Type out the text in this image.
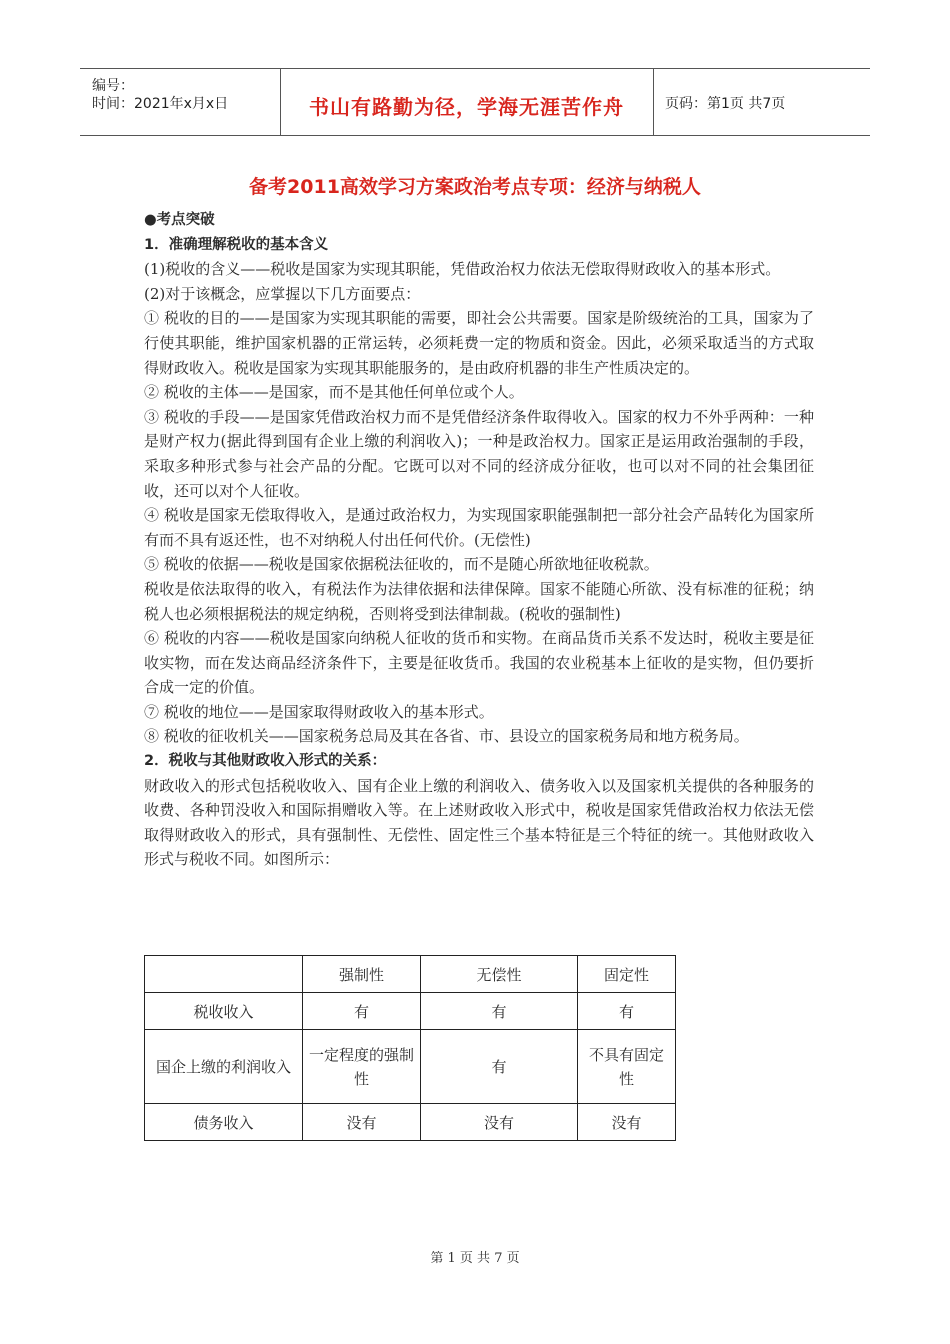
编号：
时间：2021年x月x日	书山有路勤为径，学海无涯苦作舟	页码：第1页 共7页
备考2011高效学习方案政治考点专项：经济与纳税人

●考点突破

1．准确理解税收的基本含义

(1)税收的含义——税收是国家为实现其职能，凭借政治权力依法无偿取得财政收入的基本形式。

(2)对于该概念，应掌握以下几方面要点：

① 税收的目的——是国家为实现其职能的需要，即社会公共需要。国家是阶级统治的工具，国家为了行使其职能，维护国家机器的正常运转，必须耗费一定的物质和资金。因此，必须采取适当的方式取得财政收入。税收是国家为实现其职能服务的，是由政府机器的非生产性质决定的。

② 税收的主体——是国家，而不是其他任何单位或个人。

③ 税收的手段——是国家凭借政治权力而不是凭借经济条件取得收入。国家的权力不外乎两种：一种是财产权力(据此得到国有企业上缴的利润收入)；一种是政治权力。国家正是运用政治强制的手段，采取多种形式参与社会产品的分配。它既可以对不同的经济成分征收，也可以对不同的社会集团征收，还可以对个人征收。

④ 税收是国家无偿取得收入，是通过政治权力，为实现国家职能强制把一部分社会产品转化为国家所有而不具有返还性，也不对纳税人付出任何代价。(无偿性)

⑤ 税收的依据——税收是国家依据税法征收的，而不是随心所欲地征收税款。

税收是依法取得的收入，有税法作为法律依据和法律保障。国家不能随心所欲、没有标准的征税；纳税人也必须根据税法的规定纳税，否则将受到法律制裁。(税收的强制性)

⑥ 税收的内容——税收是国家向纳税人征收的货币和实物。在商品货币关系不发达时，税收主要是征收实物，而在发达商品经济条件下，主要是征收货币。我国的农业税基本上征收的是实物，但仍要折合成一定的价值。

⑦ 税收的地位——是国家取得财政收入的基本形式。

⑧ 税收的征收机关——国家税务总局及其在各省、市、县设立的国家税务局和地方税务局。

2．税收与其他财政收入形式的关系：

财政收入的形式包括税收收入、国有企业上缴的利润收入、债务收入以及国家机关提供的各种服务的收费、各种罚没收入和国际捐赠收入等。在上述财政收入形式中，税收是国家凭借政治权力依法无偿取得财政收入的形式，具有强制性、无偿性、固定性三个基本特征是三个特征的统一。其他财政收入形式与税收不同。如图所示：

	强制性	无偿性	固定性
税收收入	有	有	有
国企上缴的利润收入	一定程度的强制性	有	不具有固定性

债务收入	没有	没有	没有
第 1 页 共 7 页
